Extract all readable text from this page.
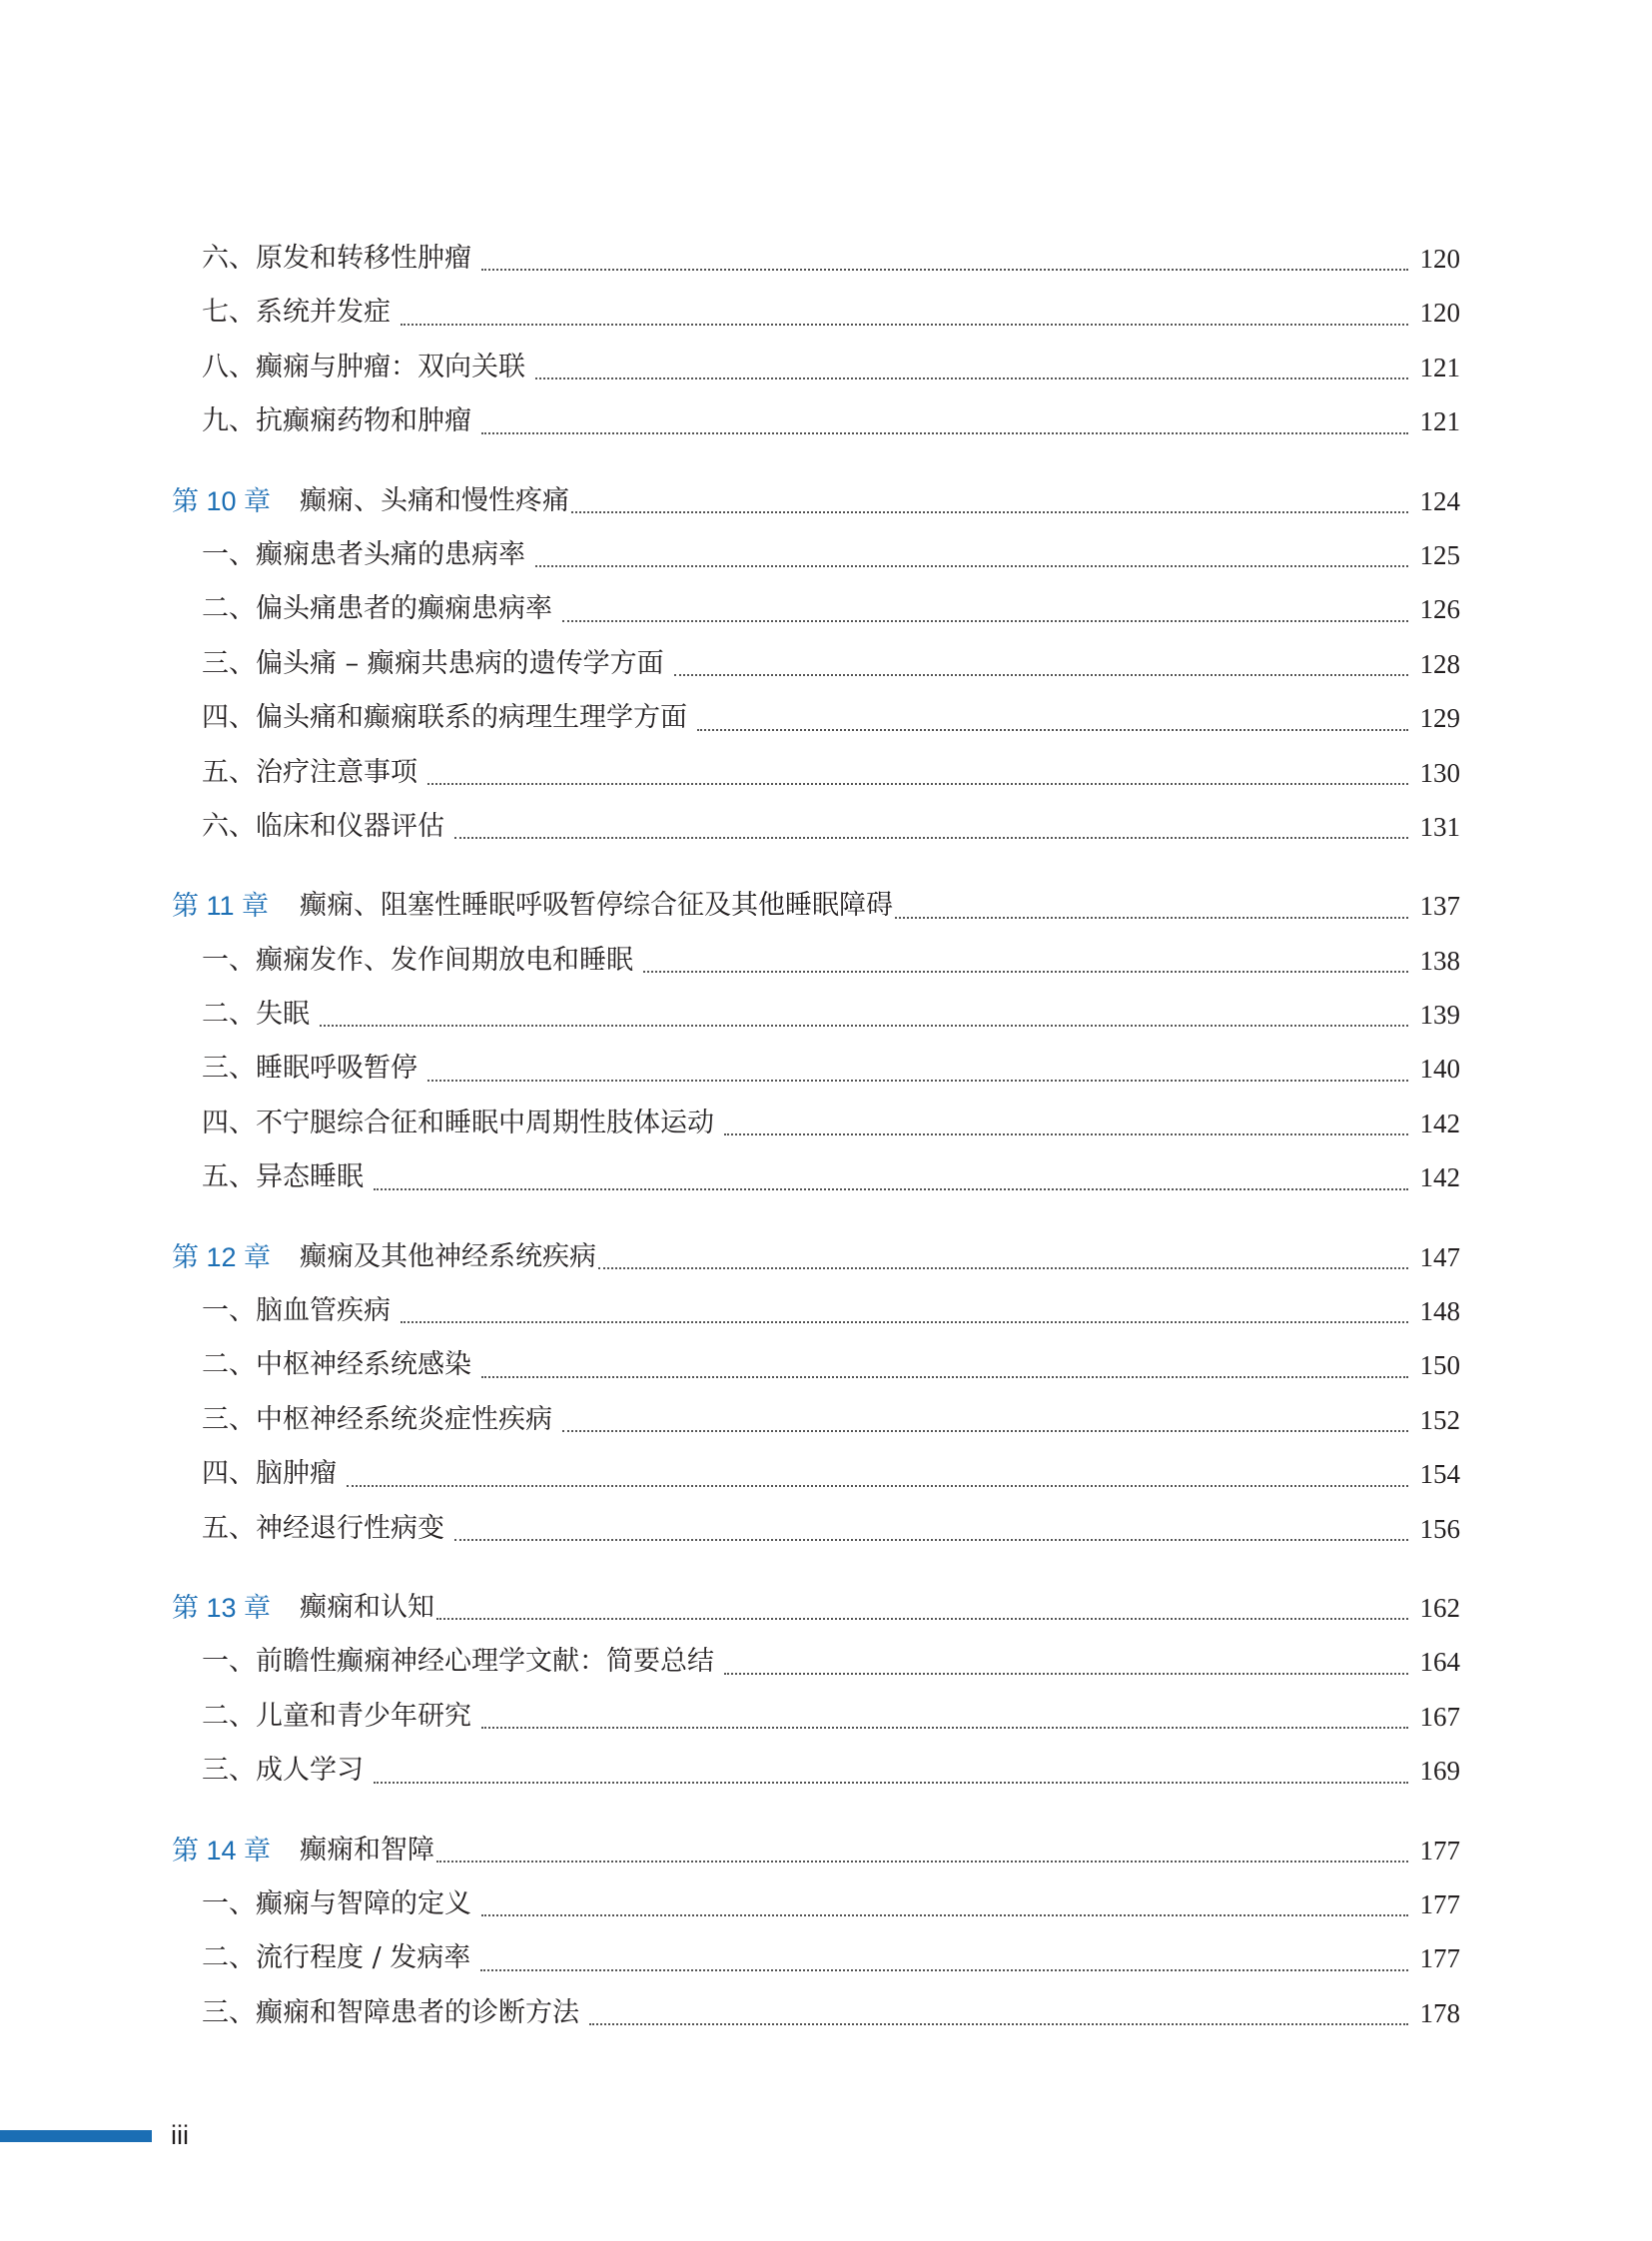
六、原发和转移性肿瘤	120
七、系统并发症	120
八、癫痫与肿瘤：双向关联	121
九、抗癫痫药物和肿瘤	121
第 10 章	癫痫、头痛和慢性疼痛	124
一、癫痫患者头痛的患病率	125
二、偏头痛患者的癫痫患病率	126
三、偏头痛 – 癫痫共患病的遗传学方面	128
四、偏头痛和癫痫联系的病理生理学方面	129
五、治疗注意事项	130
六、临床和仪器评估	131
第 11 章	癫痫、阻塞性睡眠呼吸暂停综合征及其他睡眠障碍	137
一、癫痫发作、发作间期放电和睡眠	138
二、失眠	139
三、睡眠呼吸暂停	140
四、不宁腿综合征和睡眠中周期性肢体运动	142
五、异态睡眠	142
第 12 章	癫痫及其他神经系统疾病	147
一、脑血管疾病	148
二、中枢神经系统感染	150
三、中枢神经系统炎症性疾病	152
四、脑肿瘤	154
五、神经退行性病变	156
第 13 章	癫痫和认知	162
一、前瞻性癫痫神经心理学文献：简要总结	164
二、儿童和青少年研究	167
三、成人学习	169
第 14 章	癫痫和智障	177
一、癫痫与智障的定义	177
二、流行程度 / 发病率	177
三、癫痫和智障患者的诊断方法	178
iii
